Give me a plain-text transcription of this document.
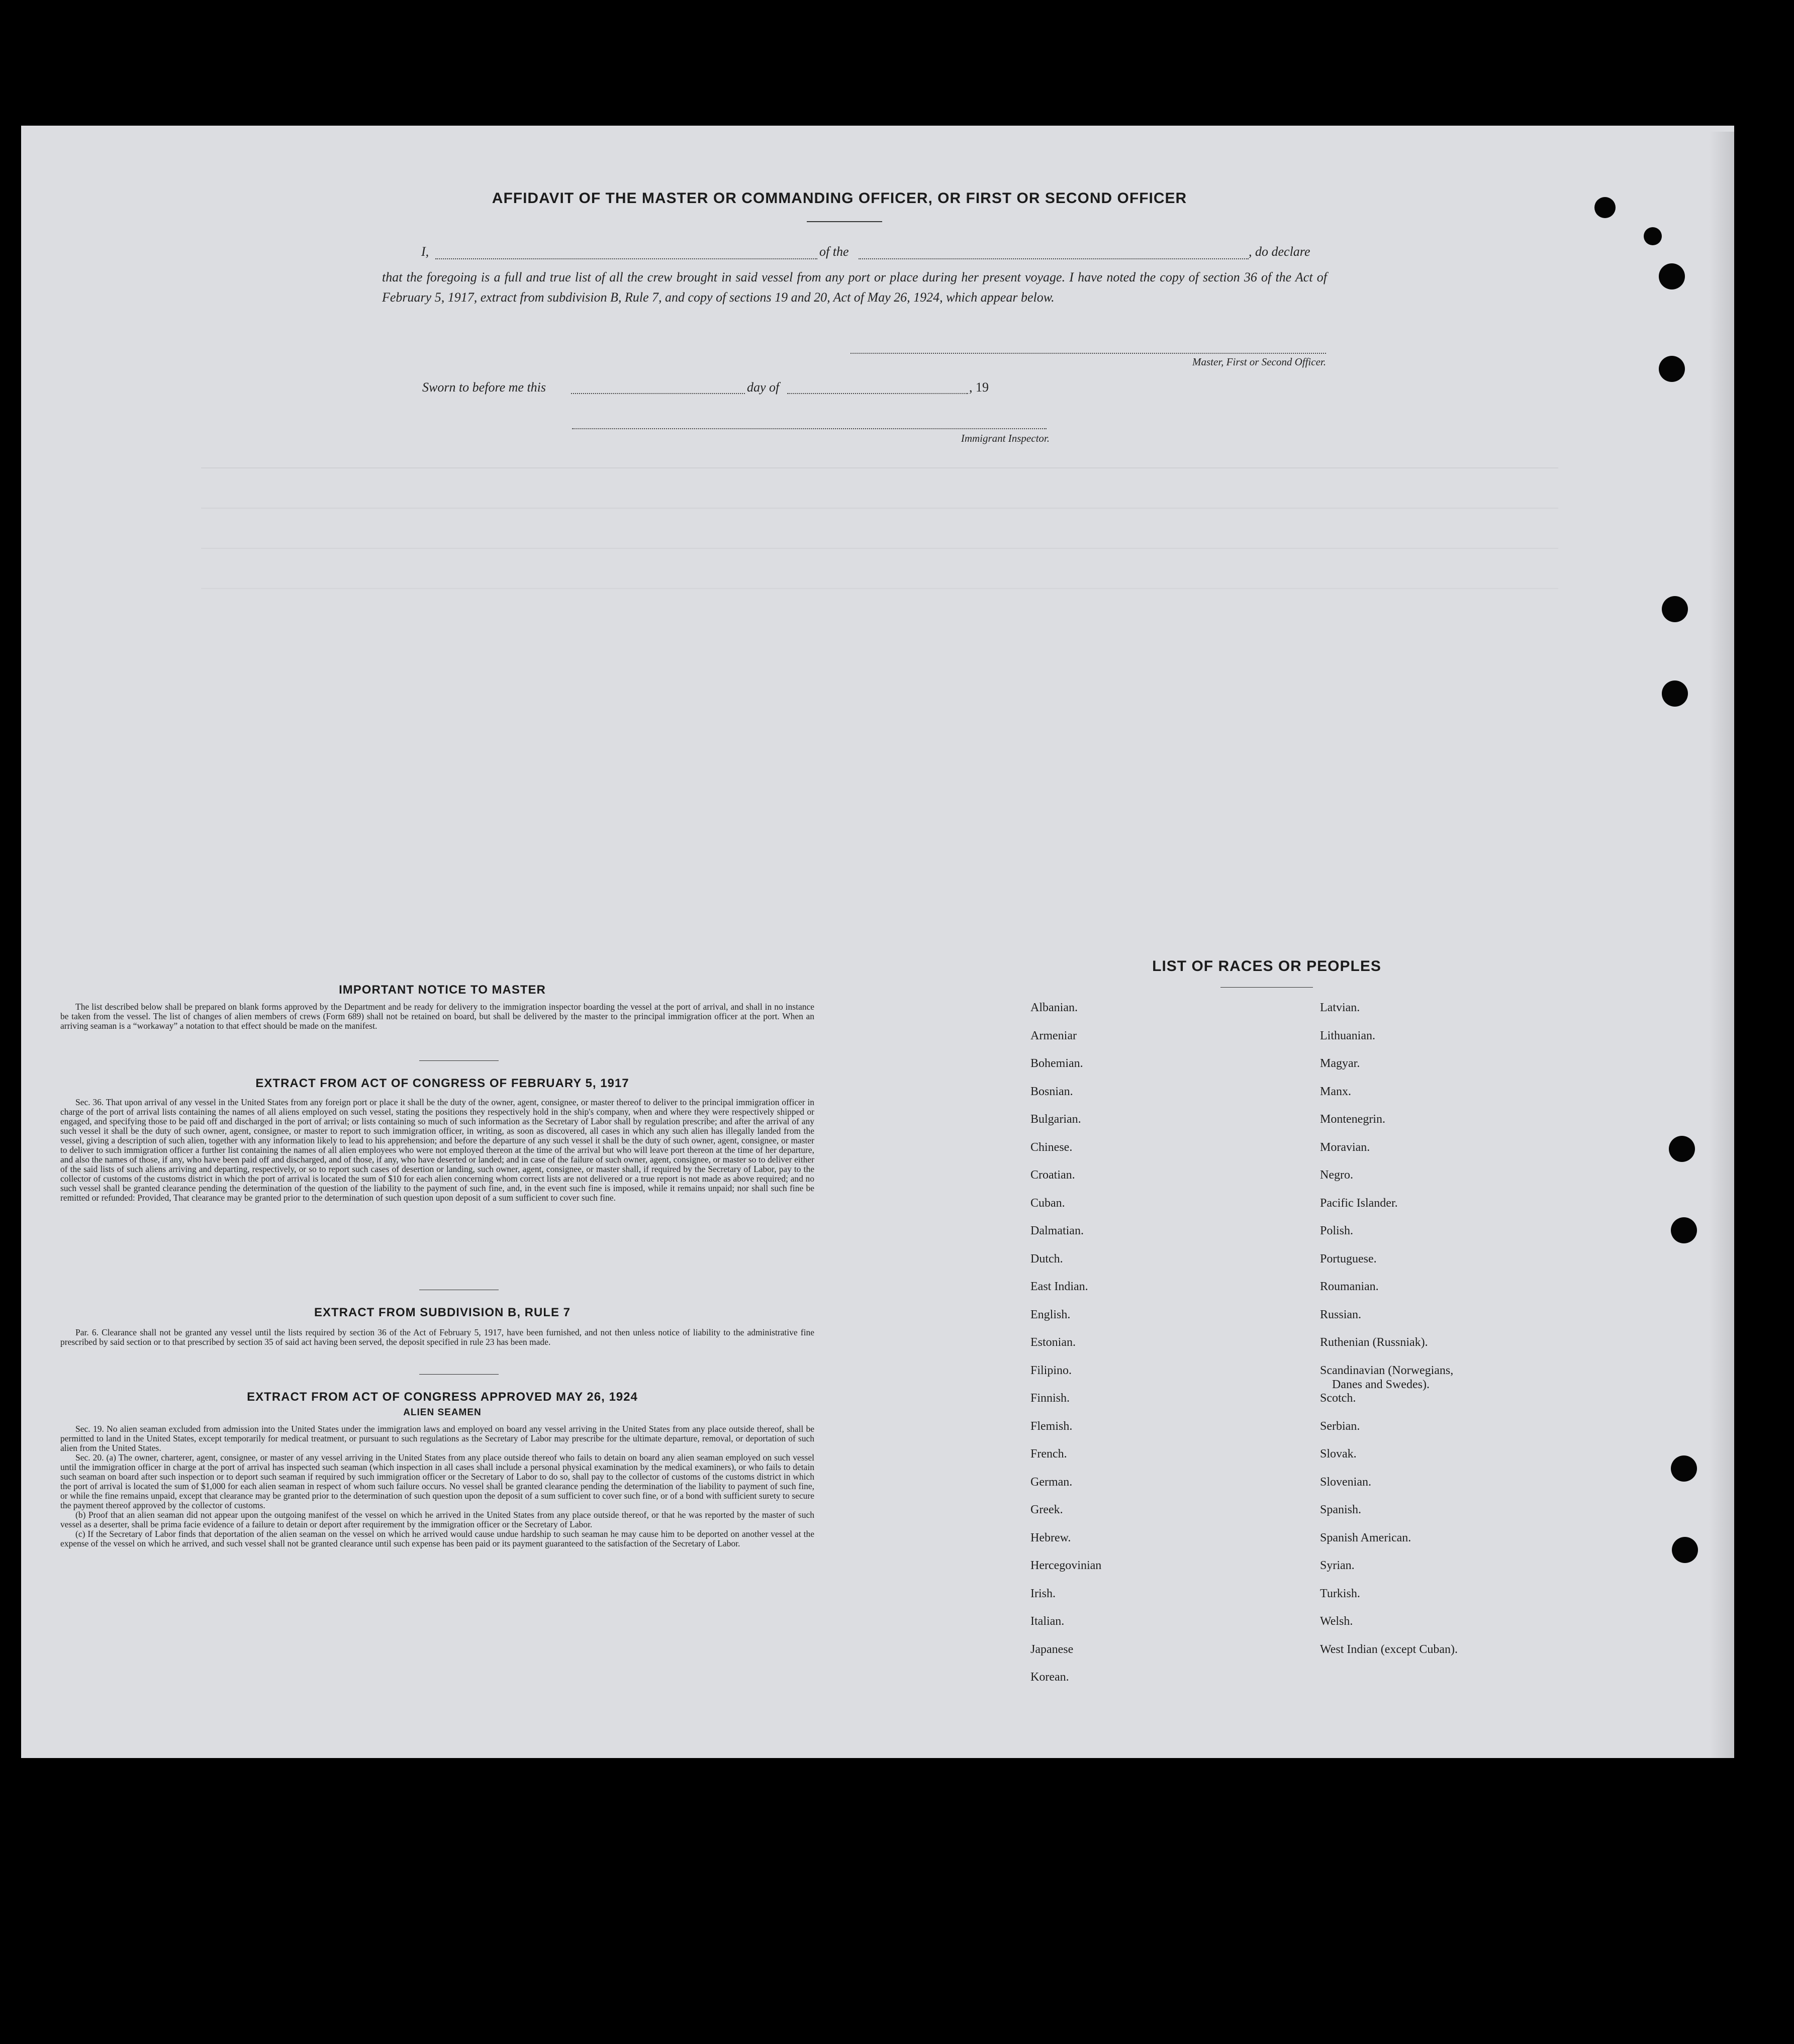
AFFIDAVIT OF THE MASTER OR COMMANDING OFFICER, OR FIRST OR SECOND OFFICER
I,	of the	, do declare
that the foregoing is a full and true list of all the crew brought in said vessel from any port or place during her present voyage. I have noted the copy of section 36 of the Act of February 5, 1917, extract from subdivision B, Rule 7, and copy of sections 19 and 20, Act of May 26, 1924, which appear below.
Master, First or Second Officer.
Sworn to before me this	day of	, 19
Immigrant Inspector.
IMPORTANT NOTICE TO MASTER

The list described below shall be prepared on blank forms approved by the Department and be ready for delivery to the immigration inspector boarding the vessel at the port of arrival, and shall in no instance be taken from the vessel. The list of changes of alien members of crews (Form 689) shall not be retained on board, but shall be delivered by the master to the principal immigration officer at the port. When an arriving seaman is a “workaway” a notation to that effect should be made on the manifest.

EXTRACT FROM ACT OF CONGRESS OF FEBRUARY 5, 1917

Sec. 36. That upon arrival of any vessel in the United States from any foreign port or place it shall be the duty of the owner, agent, consignee, or master thereof to deliver to the principal immigration officer in charge of the port of arrival lists containing the names of all aliens employed on such vessel, stating the positions they respectively hold in the ship's company, when and where they were respectively shipped or engaged, and specifying those to be paid off and discharged in the port of arrival; or lists containing so much of such information as the Secretary of Labor shall by regulation prescribe; and after the arrival of any such vessel it shall be the duty of such owner, agent, consignee, or master to report to such immigration officer, in writing, as soon as discovered, all cases in which any such alien has illegally landed from the vessel, giving a description of such alien, together with any information likely to lead to his apprehension; and before the departure of any such vessel it shall be the duty of such owner, agent, consignee, or master to deliver to such immigration officer a further list containing the names of all alien employees who were not employed thereon at the time of the arrival but who will leave port thereon at the time of her departure, and also the names of those, if any, who have been paid off and discharged, and of those, if any, who have deserted or landed; and in case of the failure of such owner, agent, consignee, or master so to deliver either of the said lists of such aliens arriving and departing, respectively, or so to report such cases of desertion or landing, such owner, agent, consignee, or master shall, if required by the Secretary of Labor, pay to the collector of customs of the customs district in which the port of arrival is located the sum of $10 for each alien concerning whom correct lists are not delivered or a true report is not made as above required; and no such vessel shall be granted clearance pending the determination of the question of the liability to the payment of such fine, and, in the event such fine is imposed, while it remains unpaid; nor shall such fine be remitted or refunded: Provided, That clearance may be granted prior to the determination of such question upon deposit of a sum sufficient to cover such fine.

EXTRACT FROM SUBDIVISION B, RULE 7

Par. 6. Clearance shall not be granted any vessel until the lists required by section 36 of the Act of February 5, 1917, have been furnished, and not then unless notice of liability to the administrative fine prescribed by said section or to that prescribed by section 35 of said act having been served, the deposit specified in rule 23 has been made.

EXTRACT FROM ACT OF CONGRESS APPROVED MAY 26, 1924
ALIEN SEAMEN

Sec. 19. No alien seaman excluded from admission into the United States under the immigration laws and employed on board any vessel arriving in the United States from any place outside thereof, shall be permitted to land in the United States, except temporarily for medical treatment, or pursuant to such regulations as the Secretary of Labor may prescribe for the ultimate departure, removal, or deportation of such alien from the United States.

Sec. 20. (a) The owner, charterer, agent, consignee, or master of any vessel arriving in the United States from any place outside thereof who fails to detain on board any alien seaman employed on such vessel until the immigration officer in charge at the port of arrival has inspected such seaman (which inspection in all cases shall include a personal physical examination by the medical examiners), or who fails to detain such seaman on board after such inspection or to deport such seaman if required by such immigration officer or the Secretary of Labor to do so, shall pay to the collector of customs of the customs district in which the port of arrival is located the sum of $1,000 for each alien seaman in respect of whom such failure occurs. No vessel shall be granted clearance pending the determination of the liability to payment of such fine, or while the fine remains unpaid, except that clearance may be granted prior to the determination of such question upon the deposit of a sum sufficient to cover such fine, or of a bond with sufficient surety to secure the payment thereof approved by the collector of customs.

(b) Proof that an alien seaman did not appear upon the outgoing manifest of the vessel on which he arrived in the United States from any place outside thereof, or that he was reported by the master of such vessel as a deserter, shall be prima facie evidence of a failure to detain or deport after requirement by the immigration officer or the Secretary of Labor.

(c) If the Secretary of Labor finds that deportation of the alien seaman on the vessel on which he arrived would cause undue hardship to such seaman he may cause him to be deported on another vessel at the expense of the vessel on which he arrived, and such vessel shall not be granted clearance until such expense has been paid or its payment guaranteed to the satisfaction of the Secretary of Labor.

LIST OF RACES OR PEOPLES
Albanian.
Armeniar
Bohemian.
Bosnian.
Bulgarian.
Chinese.
Croatian.
Cuban.
Dalmatian.
Dutch.
East Indian.
English.
Estonian.
Filipino.
Finnish.
Flemish.
French.
German.
Greek.
Hebrew.
Hercegovinian
Irish.
Italian.
Japanese
Korean.
Latvian.
Lithuanian.
Magyar.
Manx.
Montenegrin.
Moravian.
Negro.
Pacific Islander.
Polish.
Portuguese.
Roumanian.
Russian.
Ruthenian (Russniak).
Scandinavian (Norwegians,
Danes and Swedes).
Scotch.
Serbian.
Slovak.
Slovenian.
Spanish.
Spanish American.
Syrian.
Turkish.
Welsh.
West Indian (except Cuban).
